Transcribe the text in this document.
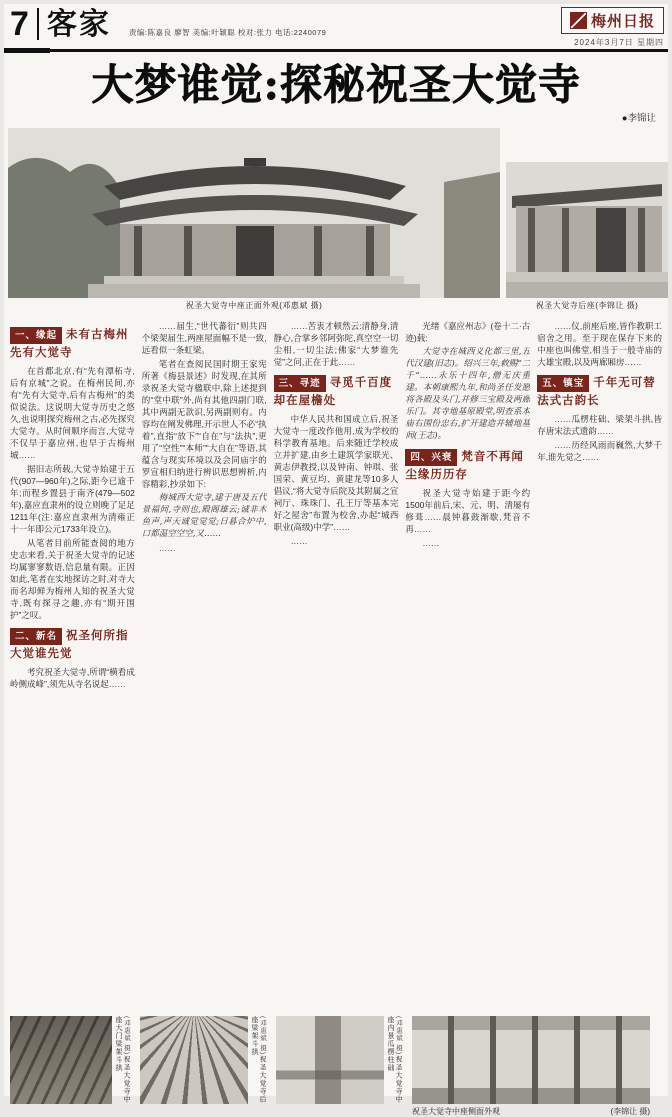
7 客家 责编:陈嘉良 廖智 美编:叶颖聪 校对:张力 电话:2240079
梅州日报
2024年3月7日 星期四
大梦谁觉:探秘祝圣大觉寺
●李锦让
祝圣大觉寺中座正面外观(邓惠斌 摄)	祝圣大觉寺后座(李锦让 摄)
一、缘起 未有古梅州 先有大觉寺

在首都北京,有“先有潭柘寺,后有京城”之说。在梅州民间,亦有“先有大觉寺,后有古梅州”的类似说法。这说明大觉寺历史之悠久,也说明探究梅州之古,必先探究大觉寺。从时间顺序而言,大觉寺不仅早于嘉应州,也早于古梅州城……

据旧志所载,大觉寺始建于五代(907—960年)之际,距今已逾千年;而程乡置县于南齐(479—502年),嘉应直隶州的设立则晚了足足1211年(注:嘉应直隶州为清雍正十一年即公元1733年设立)。

从笔者目前所能查阅的地方史志来看,关于祝圣大觉寺的记述均属寥寥数语,信息量有限。正因如此,笔者在实地探访之时,对寺大而名却鲜为梅州人知的祝圣大觉寺,既有探寻之趣,亦有“期开围护”之叹。

二、新名 祝圣何所指 大觉谁先觉

考究祝圣大觉寺,所谓“横看成岭侧成峰”,须先从寺名说起……

……届生,“世代蕃衍”则共四个梁架届生,两座屋面幅不是一致,远看似一条虹梁。

笔者在查阅民国时期王家宪所著《梅县景述》时发现,在其所录祝圣大觉寺楹联中,除上述提到的“堂中联”外,尚有其他四副门联,其中两副无款识,另两副则有。内容均在阐发佛理,开示世人不必“执着”,直指“放下”“自在”与“法执”,更用了“空性”“本师”“大自在”等语,其蕴含与现实环境以及会同庙宇的罗宣相归纳进行辨识思想辨析,内容精彩,抄录如下:

梅城西大觉寺,建于唐及五代景福间,寺则也,殿阁雄云;诚非木鱼声,声天诚觉觉觉;日暮合炉中,口都温空空空,又……

……

……苦衷才顿然云:清静身,清静心,合掌乡邻阿弥陀,真空空一切尘相,一切尘法;佛家“大梦谁先觉”之问,正在于此……

三、寻迹 寻觅千百度 却在屋檐处

中华人民共和国成立后,祝圣大觉寺一度改作他用,成为学校的科学教育基地。后来随迁学校成立并扩建,由乡土建筑学家联光、黄志伊教授,以及钟南、钟琪、张国荣、黄豆均、黄建龙等10多人倡议,“将大觉寺后院及其附属之宣祠厅、珠珠门、孔王厅等基本完好之屋舍”布置为校舍,办起“城西职业(高级)中学”……

……

光绪《嘉应州志》(卷十二·古迹)载:

大觉寺在城西义化都三里,五代汉建(旧志)。绍兴三年,敕赐“二千”……永乐十四年,僧无庆重建。本朝康熙九年,和尚圣任发愿将各殿及头门,并修三宝殿及两廊乐门。其寺地基原殿堂,明查系本庙右围份忠右,扩开建造并辅地基间(王志)。

四、兴衰 梵音不再闻 尘缘历历存

祝圣大觉寺始建于距今约1500年前后,宋、元、明、清屡有修葺……晨钟暮鼓渐歇,梵音不再……

……

……仪,前座后座,皆作教职工宿舍之用。至于现在保存下来的中座也叫佛堂,相当于一般寺庙的大雄宝殿,以及两廊厢房……

五、镇宝 千年无可替 法式古韵长

……瓜楞柱础、梁架斗拱,皆存唐宋法式遗韵……

……历经风雨而巍然,大梦千年,谁先觉之……

(邓惠斌 摄)祝圣大觉寺中座大门梁架斗拱	(邓惠斌 摄)祝圣大觉寺后座梁架斗拱	(邓惠斌 摄)祝圣大觉寺中座内景瓜楞柱础
祝圣大觉寺中座侧面外观	(李锦让 摄)
